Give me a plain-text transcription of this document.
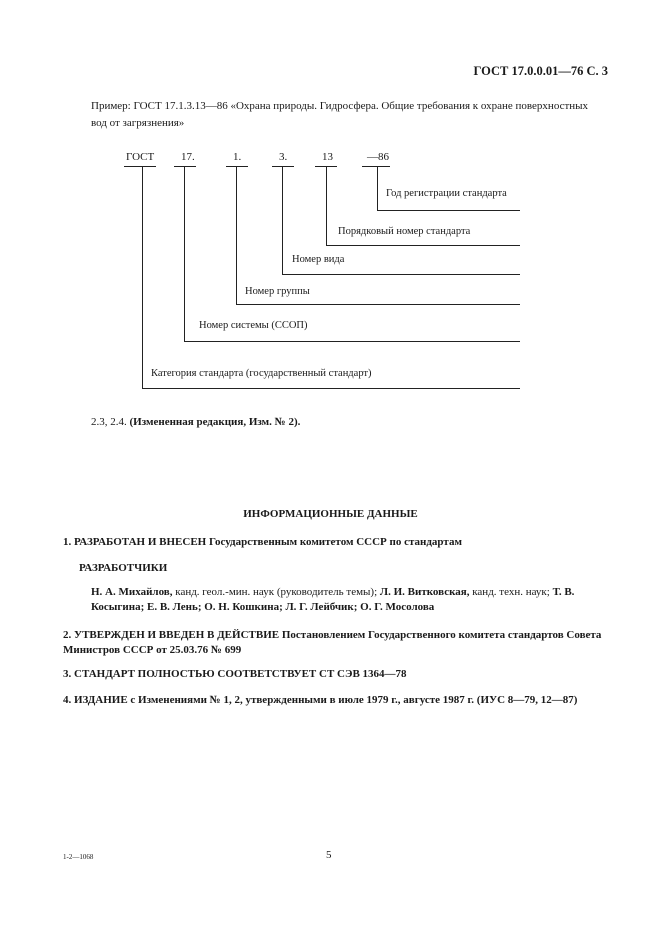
ГОСТ 17.0.0.01—76 С. 3
Пример: ГОСТ 17.1.3.13—86 «Охрана природы. Гидросфера. Общие требования к охране поверхностных вод от загрязнения»
ГОСТ 17.	1.	3.	13	—86
Год регистрации стандарта
Порядковый номер стандарта
Номер вида
Номер группы
Номер системы (ССОП)
Категория стандарта (государственный стандарт)
2.3, 2.4. (Измененная редакция, Изм. № 2).
ИНФОРМАЦИОННЫЕ ДАННЫЕ
1. РАЗРАБОТАН И ВНЕСЕН Государственным комитетом СССР по стандартам
РАЗРАБОТЧИКИ
Н. А. Михайлов, канд. геол.-мин. наук (руководитель темы); Л. И. Витковская, канд. техн. наук; Т. В. Косыгина; Е. В. Лень; О. Н. Кошкина; Л. Г. Лейбчик; О. Г. Мосолова
2. УТВЕРЖДЕН И ВВЕДЕН В ДЕЙСТВИЕ Постановлением Государственного комитета стандартов Совета Министров СССР от 25.03.76 № 699
3. СТАНДАРТ ПОЛНОСТЬЮ СООТВЕТСТВУЕТ СТ СЭВ 1364—78
4. ИЗДАНИЕ с Изменениями № 1, 2, утвержденными в июле 1979 г., августе 1987 г. (ИУС 8—79, 12—87)
1-2—1068	5
